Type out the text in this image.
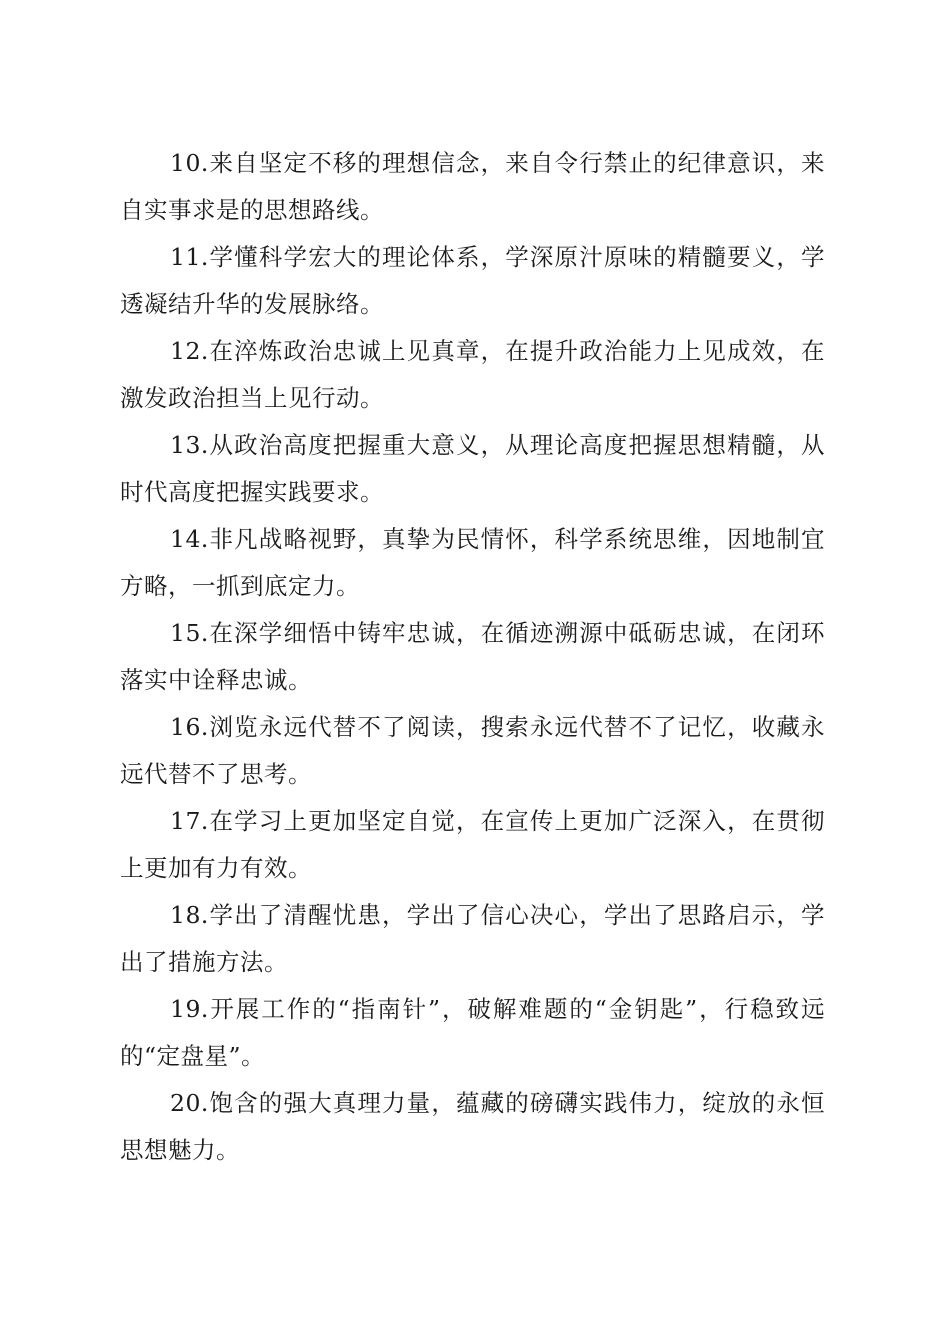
10.来自坚定不移的理想信念，来自令行禁止的纪律意识，来自实事求是的思想路线。

11.学懂科学宏大的理论体系，学深原汁原味的精髓要义，学透凝结升华的发展脉络。

12.在淬炼政治忠诚上见真章，在提升政治能力上见成效，在激发政治担当上见行动。

13.从政治高度把握重大意义，从理论高度把握思想精髓，从时代高度把握实践要求。

14.非凡战略视野，真挚为民情怀，科学系统思维，因地制宜方略，一抓到底定力。

15.在深学细悟中铸牢忠诚，在循迹溯源中砥砺忠诚，在闭环落实中诠释忠诚。

16.浏览永远代替不了阅读，搜索永远代替不了记忆，收藏永远代替不了思考。

17.在学习上更加坚定自觉，在宣传上更加广泛深入，在贯彻上更加有力有效。

18.学出了清醒忧患，学出了信心决心，学出了思路启示，学出了措施方法。

19.开展工作的“指南针”，破解难题的“金钥匙”，行稳致远的“定盘星”。

20.饱含的强大真理力量，蕴藏的磅礴实践伟力，绽放的永恒思想魅力。
